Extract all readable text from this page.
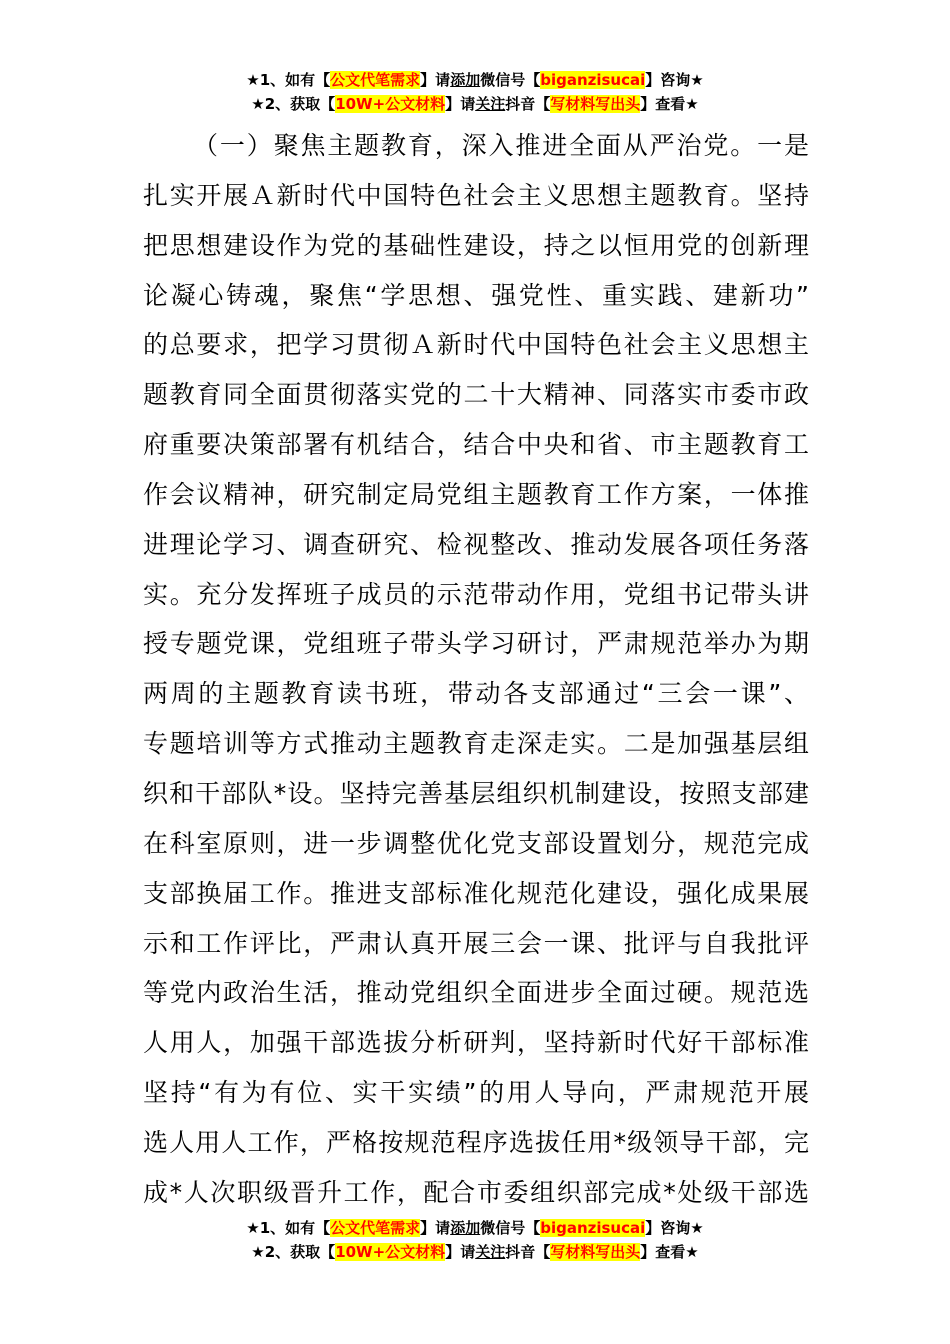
★1、如有【公文代笔需求】请添加微信号【biganzisucai】咨询★
★2、获取【10W+公文材料】请关注抖音【写材料写出头】查看★
（一）聚焦主题教育，深入推进全面从严治党。一是
扎实开展Ａ新时代中国特色社会主义思想主题教育。坚持
把思想建设作为党的基础性建设，持之以恒用党的创新理
论凝心铸魂，聚焦“学思想、强党性、重实践、建新功”
的总要求，把学习贯彻Ａ新时代中国特色社会主义思想主
题教育同全面贯彻落实党的二十大精神、同落实市委市政
府重要决策部署有机结合，结合中央和省、市主题教育工
作会议精神，研究制定局党组主题教育工作方案，一体推
进理论学习、调查研究、检视整改、推动发展各项任务落
实。充分发挥班子成员的示范带动作用，党组书记带头讲
授专题党课，党组班子带头学习研讨，严肃规范举办为期
两周的主题教育读书班，带动各支部通过“三会一课”、
专题培训等方式推动主题教育走深走实。二是加强基层组
织和干部队*设。坚持完善基层组织机制建设，按照支部建
在科室原则，进一步调整优化党支部设置划分，规范完成
支部换届工作。推进支部标准化规范化建设，强化成果展
示和工作评比，严肃认真开展三会一课、批评与自我批评
等党内政治生活，推动党组织全面进步全面过硬。规范选
人用人，加强干部选拔分析研判，坚持新时代好干部标准
坚持“有为有位、实干实绩”的用人导向，严肃规范开展
选人用人工作，严格按规范程序选拔任用*级领导干部，完
成*人次职级晋升工作，配合市委组织部完成*处级干部选
★1、如有【公文代笔需求】请添加微信号【biganzisucai】咨询★
★2、获取【10W+公文材料】请关注抖音【写材料写出头】查看★
